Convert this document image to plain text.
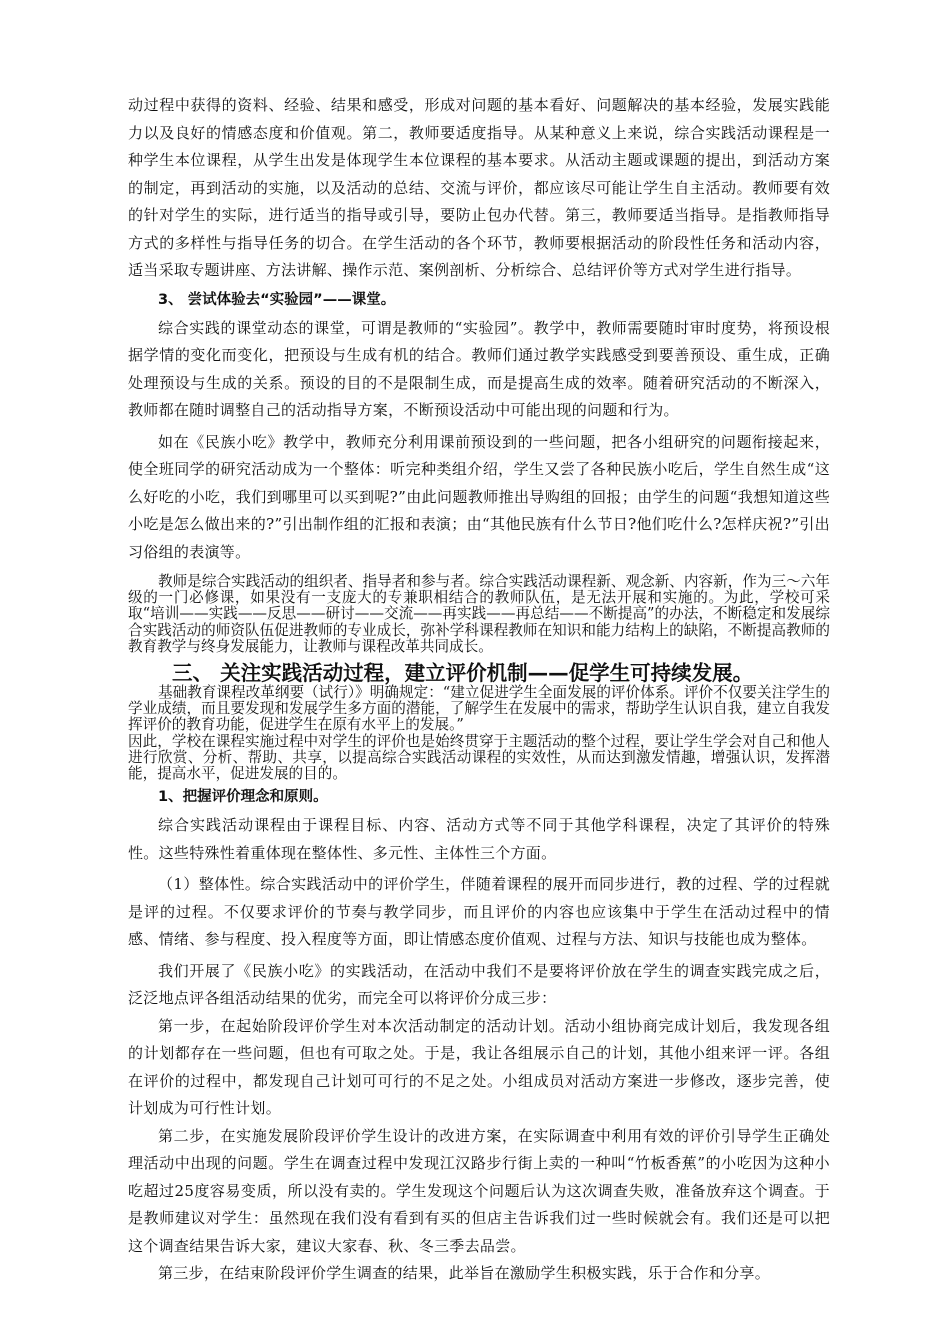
动过程中获得的资料、经验、结果和感受，形成对问题的基本看好、问题解决的基本经验，发展实践能力以及良好的情感态度和价值观。第二，教师要适度指导。从某种意义上来说，综合实践活动课程是一种学生本位课程，从学生出发是体现学生本位课程的基本要求。从活动主题或课题的提出，到活动方案的制定，再到活动的实施，以及活动的总结、交流与评价，都应该尽可能让学生自主活动。教师要有效的针对学生的实际，进行适当的指导或引导，要防止包办代替。第三，教师要适当指导。是指教师指导方式的多样性与指导任务的切合。在学生活动的各个环节，教师要根据活动的阶段性任务和活动内容，适当采取专题讲座、方法讲解、操作示范、案例剖析、分析综合、总结评价等方式对学生进行指导。

3、 尝试体验去“实验园”——课堂。

综合实践的课堂动态的课堂，可谓是教师的“实验园”。教学中，教师需要随时审时度势，将预设根据学情的变化而变化，把预设与生成有机的结合。教师们通过教学实践感受到要善预设、重生成，正确处理预设与生成的关系。预设的目的不是限制生成，而是提高生成的效率。随着研究活动的不断深入，教师都在随时调整自己的活动指导方案，不断预设活动中可能出现的问题和行为。

如在《民族小吃》教学中，教师充分利用课前预设到的一些问题，把各小组研究的问题衔接起来，使全班同学的研究活动成为一个整体：听完种类组介绍，学生又尝了各种民族小吃后，学生自然生成“这么好吃的小吃，我们到哪里可以买到呢?”由此问题教师推出导购组的回报；由学生的问题“我想知道这些小吃是怎么做出来的?”引出制作组的汇报和表演；由“其他民族有什么节日?他们吃什么?怎样庆祝?”引出习俗组的表演等。

教师是综合实践活动的组织者、指导者和参与者。综合实践活动课程新、观念新、内容新，作为三～六年级的一门必修课，如果没有一支庞大的专兼职相结合的教师队伍，是无法开展和实施的。为此，学校可采取“培训——实践——反思——研讨——交流——再实践——再总结——不断提高”的办法，不断稳定和发展综合实践活动的师资队伍促进教师的专业成长，弥补学科课程教师在知识和能力结构上的缺陷，不断提高教师的教育教学与终身发展能力，让教师与课程改革共同成长。

三、 关注实践活动过程，建立评价机制——促学生可持续发展。

基础教育课程改革纲要（试行）》明确规定：“建立促进学生全面发展的评价体系。评价不仅要关注学生的学业成绩，而且要发现和发展学生多方面的潜能，了解学生在发展中的需求，帮助学生认识自我，建立自我发挥评价的教育功能，促进学生在原有水平上的发展。”

因此，学校在课程实施过程中对学生的评价也是始终贯穿于主题活动的整个过程，要让学生学会对自己和他人进行欣赏、分析、帮助、共享，以提高综合实践活动课程的实效性，从而达到激发情趣，增强认识，发挥潜能，提高水平，促进发展的目的。

1、把握评价理念和原则。

综合实践活动课程由于课程目标、内容、活动方式等不同于其他学科课程，决定了其评价的特殊性。这些特殊性着重体现在整体性、多元性、主体性三个方面。

（1）整体性。综合实践活动中的评价学生，伴随着课程的展开而同步进行，教的过程、学的过程就是评的过程。不仅要求评价的节奏与教学同步，而且评价的内容也应该集中于学生在活动过程中的情感、情绪、参与程度、投入程度等方面，即让情感态度价值观、过程与方法、知识与技能也成为整体。

我们开展了《民族小吃》的实践活动，在活动中我们不是要将评价放在学生的调查实践完成之后，泛泛地点评各组活动结果的优劣，而完全可以将评价分成三步：

第一步，在起始阶段评价学生对本次活动制定的活动计划。活动小组协商完成计划后，我发现各组的计划都存在一些问题，但也有可取之处。于是，我让各组展示自己的计划，其他小组来评一评。各组在评价的过程中，都发现自己计划可可行的不足之处。小组成员对活动方案进一步修改，逐步完善，使计划成为可行性计划。

第二步，在实施发展阶段评价学生设计的改进方案，在实际调查中利用有效的评价引导学生正确处理活动中出现的问题。学生在调查过程中发现江汉路步行街上卖的一种叫“竹板香蕉”的小吃因为这种小吃超过25度容易变质，所以没有卖的。学生发现这个问题后认为这次调查失败，准备放弃这个调查。于是教师建议对学生：虽然现在我们没有看到有买的但店主告诉我们过一些时候就会有。我们还是可以把这个调查结果告诉大家，建议大家春、秋、冬三季去品尝。

第三步，在结束阶段评价学生调查的结果，此举旨在激励学生积极实践，乐于合作和分享。
